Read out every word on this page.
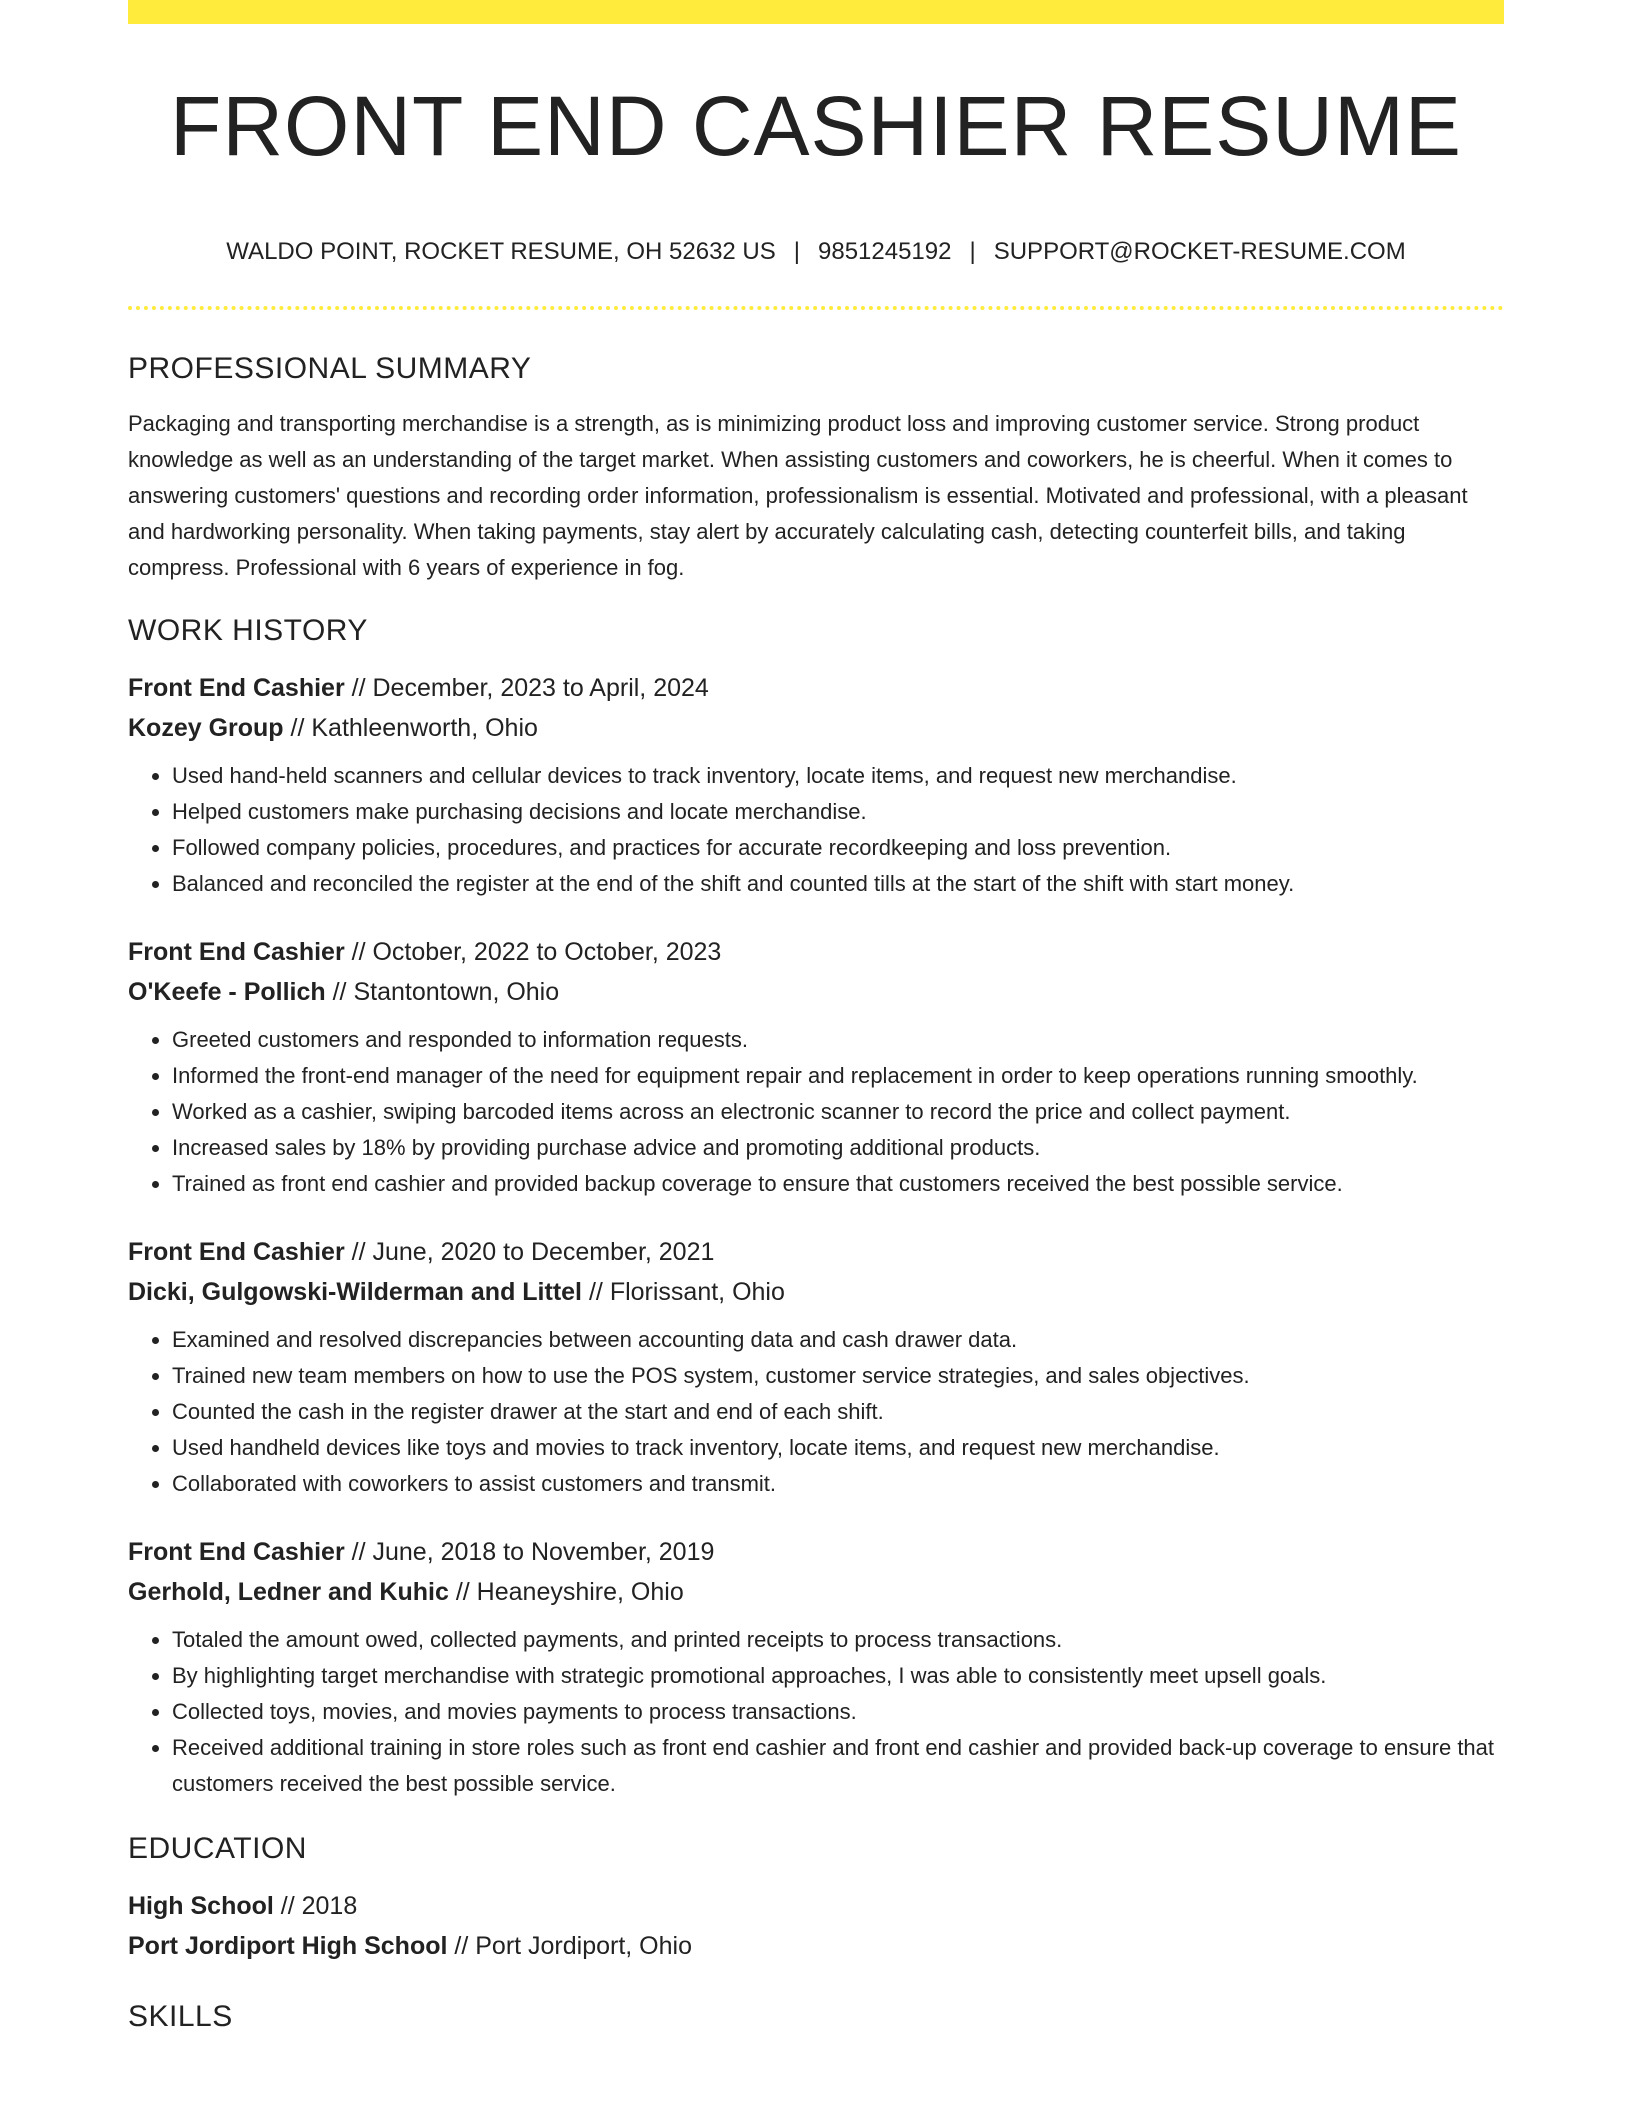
FRONT END CASHIER RESUME
WALDO POINT, ROCKET RESUME, OH 52632 US | 9851245192 | SUPPORT@ROCKET-RESUME.COM
PROFESSIONAL SUMMARY

Packaging and transporting merchandise is a strength, as is minimizing product loss and improving customer service. Strong product knowledge as well as an understanding of the target market. When assisting customers and coworkers, he is cheerful. When it comes to answering customers' questions and recording order information, professionalism is essential. Motivated and professional, with a pleasant and hardworking personality. When taking payments, stay alert by accurately calculating cash, detecting counterfeit bills, and taking compress. Professional with 6 years of experience in fog.

WORK HISTORY
Front End Cashier // December, 2023 to April, 2024
Kozey Group // Kathleenworth, Ohio
• Used hand-held scanners and cellular devices to track inventory, locate items, and request new merchandise.
• Helped customers make purchasing decisions and locate merchandise.
• Followed company policies, procedures, and practices for accurate recordkeeping and loss prevention.
• Balanced and reconciled the register at the end of the shift and counted tills at the start of the shift with start money.
Front End Cashier // October, 2022 to October, 2023
O'Keefe - Pollich // Stantontown, Ohio
• Greeted customers and responded to information requests.
• Informed the front-end manager of the need for equipment repair and replacement in order to keep operations running smoothly.
• Worked as a cashier, swiping barcoded items across an electronic scanner to record the price and collect payment.
• Increased sales by 18% by providing purchase advice and promoting additional products.
• Trained as front end cashier and provided backup coverage to ensure that customers received the best possible service.
Front End Cashier // June, 2020 to December, 2021
Dicki, Gulgowski-Wilderman and Littel // Florissant, Ohio
• Examined and resolved discrepancies between accounting data and cash drawer data.
• Trained new team members on how to use the POS system, customer service strategies, and sales objectives.
• Counted the cash in the register drawer at the start and end of each shift.
• Used handheld devices like toys and movies to track inventory, locate items, and request new merchandise.
• Collaborated with coworkers to assist customers and transmit.
Front End Cashier // June, 2018 to November, 2019
Gerhold, Ledner and Kuhic // Heaneyshire, Ohio
• Totaled the amount owed, collected payments, and printed receipts to process transactions.
• By highlighting target merchandise with strategic promotional approaches, I was able to consistently meet upsell goals.
• Collected toys, movies, and movies payments to process transactions.
• Received additional training in store roles such as front end cashier and front end cashier and provided back-up coverage to ensure that customers received the best possible service.
EDUCATION
High School // 2018
Port Jordiport High School // Port Jordiport, Ohio
SKILLS
